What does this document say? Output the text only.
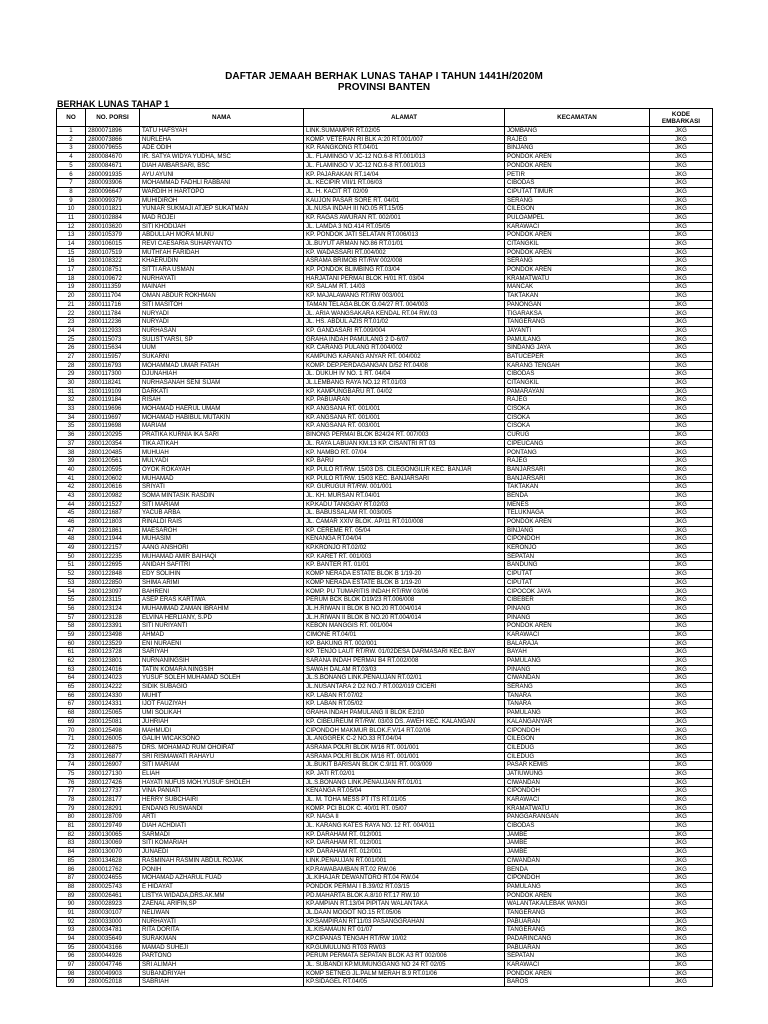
DAFTAR JEMAAH BERHAK LUNAS TAHAP I TAHUN 1441H/2020M
PROVINSI BANTEN
BERHAK LUNAS TAHAP 1
NO	NO. PORSI	NAMA	ALAMAT	KECAMATAN	KODE EMBARKASI
1	2800071896	TATU HAFSYAH	LINK.SUMAMPIR RT.02/05	JOMBANG	JKG
2	2800073866	NURLEHA	KOMP. VETERAN RI BLK A:20 RT.001/007	RAJEG	JKG
3	2800079655	ADE ODIH	KP. RANGKONG RT.04/01	BINJANG	JKG
4	2800084670	IR. SATYA WIDYA YUDHA, MSC	JL. FLAMINGO V JC-12 NO.6-8 RT.001/013	PONDOK AREN	JKG
5	2800084671	DIAH AMBARSARI, BSC	JL. FLAMINGO V JC-12 NO.6-8 RT.001/013	PONDOK AREN	JKG
6	2800091935	AYU AYUNI	KP. PAJARAKAN RT.14/04	PETIR	JKG
7	2800093906	MOHAMMAD FADHLI RABBANI	JL. KECIPIR VIII/1 RT.06/03	CIBODAS	JKG
8	2800096647	WARDIH H HARTOPO	JL. H. KACIT RT 02/09	CIPUTAT TIMUR	JKG
9	2800099379	MUHIDIROH	KAUJON PASAR SORE RT. 04/01	SERANG	JKG
10	2800101821	YUNIAR SUKMAJI ATJEP SUKATMAN	JL.NUSA INDAH III NO.05 RT.15/05	CILEGON	JKG
11	2800102884	MAD ROJEI	KP. RAGAS AWURAN RT. 002/001	PULOAMPEL	JKG
12	2800103620	SITI KHODIJAH	JL. LAMDA 3 NO.414 RT.05/05	KARAWACI	JKG
13	2800105379	ABDULLAH MORA MUNU	KP. PONDOK JATI SELATAN RT.006/013	PONDOK AREN	JKG
14	2800106015	REVI CAESARIA SUHARYANTO	JL.BUYUT ARMAN NO.86 RT.01/01	CITANGKIL	JKG
15	2800107519	MUTHI'AH FARIDAH	KP. WADASSARI RT.004/002	PONDOK AREN	JKG
16	2800108322	KHAERUDIN	ASRAMA BRIMOB RT/RW 002/008	SERANG	JKG
17	2800108751	SITTI ARA USMAN	KP. PONDOK BLIMBING RT.03/04	PONDOK AREN	JKG
18	2800109672	NURHAYATI	HARJATANI PERMAI BLOK H/01 RT. 03/04	KRAMATWATU	JKG
19	2800111359	MAINAH	KP. SALAM RT. 14/03	MANCAK	JKG
20	2800111704	OMAN ABDUR ROKHMAN	KP. MAJALAWANG RT/RW 003/001	TAKTAKAN	JKG
21	2800111716	SITI MASITOH	TAMAN TELAGA BLOK G.04/27 RT. 004/003	PANONGAN	JKG
22	2800111784	NURYADI	JL. ARIA WANGSAKARA KENDAL RT.04 RW.03	TIGARAKSA	JKG
23	2800112236	NURYADI	JL. HS. ABDUL AZIS RT.01/02	TANGERANG	JKG
24	2800112933	NURHASAN	KP. GANDASARI RT.009/004	JAYANTI	JKG
25	2800115073	SULISTYARSI, SP	GRAHA INDAH PAMULANG 2 D-6/07	PAMULANG	JKG
26	2800115634	UUM	KP. CARANG PULANG RT.004/002	SINDANG JAYA	JKG
27	2800115957	SUKARNI	KAMPUNG KARANG ANYAR RT. 004/002	BATUCEPER	JKG
28	2800116793	MOHAMMAD UMAR FATAH	KOMP. DEP.PERDAGANGAN D/52 RT.04/08	KARANG TENGAH	JKG
29	2800117300	DJUNAHIAH	JL. DUKUH IV NO. 1 RT. 04/04	CIBODAS	JKG
30	2800118241	NURHASANAH SENI SIJAM	JL.LEMBANG RAYA NO.12 RT.01/03	CITANGKIL	JKG
31	2800119109	DARKATI	KP. KAMPUNGBARU RT. 04/02	PAMARAYAN	JKG
32	2800119184	RISAH	KP. PABUARAN	RAJEG	JKG
33	2800119696	MOHAMAD HAERUL UMAM	KP. ANGSANA RT. 001/001	CISOKA	JKG
34	2800119697	MOHAMAD HABIBUL MUTAKIN	KP. ANGSANA RT. 001/001	CISOKA	JKG
35	2800119698	MARIAM	KP. ANGSANA RT. 003/001	CISOKA	JKG
36	2800120295	PRATIKA KURNIA IKA SARI	BINONG PERMAI BLOK B24/24 RT. 007/003	CURUG	JKG
37	2800120354	TIKA ATIKAH	JL. RAYA LABUAN KM.13 KP. CISANTRI RT 03	CIPEUCANG	JKG
38	2800120485	MUHUAH	KP. NAMBO RT. 07/04	PONTANG	JKG
39	2800120561	MULYADI	KP. BARU	RAJEG	JKG
40	2800120595	OYOK ROKAYAH	KP. PULO RT/RW. 15/03 DS. CILEGONGILIR KEC. BANJAR	BANJARSARI	JKG
41	2800120602	MUHAMAD	KP. PULO RT/RW. 15/03 KEC. BANJARSARI	BANJARSARI	JKG
42	2800120616	SRIYATI	KP. GURUGUI RT/RW. 001/001	TAKTAKAN	JKG
43	2800120982	SOMA MINTASIK RASDIN	JL. KH. MURSAN RT.04/01	BENDA	JKG
44	2800121527	SITI MARIAM	KP.KADU TANGGAY RT.02/03	MENES	JKG
45	2800121687	YACUB ARBA	JL. BABUSSALAM RT. 003/005	TELUKNAGA	JKG
46	2800121803	RINALDI RAIS	JL. CAMAR XXIV BLOK. AP/11 RT.010/008	PONDOK AREN	JKG
47	2800121861	MAESAROH	KP. CEREME RT. 05/04	BINJANG	JKG
48	2800121944	MUHASIM	KENANGA RT.04/04	CIPONDOH	JKG
49	2800122157	AANG ANSHORI	KP.KRONJO RT.02/02	KERONJO	JKG
50	2800122235	MUHAMAD AMIR BAIHAQI	KP. KARET RT. 001/003	SEPATAN	JKG
51	2800122695	ANIDAH SAFITRI	KP. BANTER RT. 01/01	BANDUNG	JKG
52	2800122848	EDY SOLIHIN	KOMP NERADA ESTATE BLOK B 1/19-20	CIPUTAT	JKG
53	2800122850	SHIMA ARIMI	KOMP NERADA ESTATE BLOK B 1/19-20	CIPUTAT	JKG
54	2800123097	BAHRENI	KOMP. PU TUMARITIS INDAH RT/RW 03/06	CIPOCOK JAYA	JKG
55	2800123115	ASEP ERAS KARTIWA	PERUM BCK BLOK D19/23 RT.006/008	CIBEBER	JKG
56	2800123124	MUHAMMAD ZAMAN IBRAHIM	JL.H.RIWAN II BLOK B NO.20 RT.004/014	PINANG	JKG
57	2800123128	ELVINA HERLIANY, S.PD	JL.H.RIWAN II BLOK B NO.20 RT.004/014	PINANG	JKG
58	2800123391	SITI NURIYANTI	KEBON MANGGIS RT. 001/004	PONDOK AREN	JKG
59	2800123498	AHMAD	CIMONE RT.04/01	KARAWACI	JKG
60	2800123529	ENI NURAENI	KP. BAKUNG RT. 002/001	BALARAJA	JKG
61	2800123728	SARIYAH	KP. TENJO LAUT RT/RW. 01/02DESA DARMASARI KEC.BAY	BAYAH	JKG
62	2800123801	NURNANINGSIH	SARANA INDAH PERMAI B4 RT.002/008	PAMULANG	JKG
63	2800124016	TATIN KOMARA NINGSIH	SAWAH DALAM RT.03/03	PINANG	JKG
64	2800124023	YUSUF SOLEH MUHAMAD SOLEH	JL.S.BONANG LINK.PENAUJAN RT.02/01	CIWANDAN	JKG
65	2800124222	SIDIK SUBAGIO	JL.NUSANTARA 2 D2 NO.7 RT.002/019 CICERI	SERANG	JKG
66	2800124330	MUHIT	KP. LABAN RT.07/02	TANARA	JKG
67	2800124331	IJOT FAUZIYAH	KP. LABAN RT.05/02	TANARA	JKG
68	2800125065	UMI SOLIKAH	GRAHA INDAH PAMULANG II BLOK E2/10	PAMULANG	JKG
69	2800125081	JUHRIAH	KP. CIBEUREUM RT/RW. 03/03 DS. AWEH KEC. KALANGAN	KALANGANYAR	JKG
70	2800125498	MAHMUDI	CIPONDOH MAKMUR BLOK.F.V/14 RT.02/06	CIPONDOH	JKG
71	2800126005	GALIH WICAKSONO	JL.ANGGREK C-2 NO.33 RT.04/04	CILEGON	JKG
72	2800126875	DRS. MOHAMAD RUM OHOIRAT	ASRAMA POLRI BLOK M/16 RT. 001/001	CILEDUG	JKG
73	2800126877	SRI RISMAWATI RAHAYU	ASRAMA POLRI BLOK M/16 RT. 001/001	CILEDUG	JKG
74	2800126907	SITI MARIAM	JL.BUKIT BARISAN BLOK C.9/11 RT. 003/009	PASAR KEMIS	JKG
75	2800127130	ELIAH	KP. JATI RT.02/01	JATIUWUNG	JKG
76	2800127426	HAYATI NUFUS MOH.YUSUF SHOLEH	JL.S.BONANG LINK.PENAUJAN RT.01/01	CIWANDAN	JKG
77	2800127737	VINA PANIATI	KENANGA RT.05/04	CIPONDOH	JKG
78	2800128177	HERRY SUBCHAIRI	JL. M. TOHA MESS PT ITS RT.01/05	KARAWACI	JKG
79	2800128291	ENDANG RUSWANDI	KOMP. PCI BLOK C. 40/01 RT. 05/07	KRAMATWATU	JKG
80	2800128709	ARTI	KP. NAGA II	PANGGARANGAN	JKG
81	2800129749	DIAH ACHDIATI	JL. KARANG KATES RAYA NO. 12 RT. 004/011	CIBODAS	JKG
82	2800130065	SARMADI	KP. DARAHAM RT. 012/001	JAMBE	JKG
83	2800130069	SITI KOMARIAH	KP. DARAHAM RT. 012/001	JAMBE	JKG
84	2800130070	JUNAEDI	KP. DARAHAM RT. 012/001	JAMBE	JKG
85	2800134628	RASMINAH RASMIN ABDUL ROJAK	LINK.PENAUJAN RT.001/001	CIWANDAN	JKG
86	2800012762	PONIH	KP.RAWABAMBAN RT.02 RW.06	BENDA	JKG
87	2800024655	MOHAMAD AZHARUL FUAD	JL.KIHAJAR DEWANTORO RT.04 RW.04	CIPONDOH	JKG
88	2800025743	E HIDAYAT	PONDOK PERMAI I B.39/02 RT.03/15	PAMULANG	JKG
89	2800026461	LISTYA WIDADA,DRS.AK.MM	PD.MAHARTA BLOK A.8/10 RT.17 RW.10	PONDOK AREN	JKG
90	2800028923	ZAENAL ARIFIN,SP	KP.AMPIAN RT.13/04 PIPITAN WALANTAKA	WALANTAKA/LEBAK WANGI	JKG
91	2800030107	NELIWAN	JL.DAAN MOGOT NO.15 RT.05/06	TANGERANG	JKG
92	2800033000	NURHAYATI	KP.SAMPIRAN RT11/03 PASANGGRAHAN	PABUARAN	JKG
93	2800034781	RITA DORITA	JL.KISAMAUN RT 01/07	TANGERANG	JKG
94	2800035649	SURAKMAN	KP.CIPANAS TENGAH RT/RW 10/02	PADARINCANG	JKG
95	2800043166	MAMAD SUHEJI	KP.GUMULUNG RT03 RW03	PABUARAN	JKG
96	2800044926	PARTONO	PERUM PERMATA SEPATAN BLOK A3 RT 002/006	SEPATAN	JKG
97	2800047746	SRI ALIMAH	JL. SUBANDI KP.MUMUNGGANG NO 24 RT 02/05	KARAWACI	JKG
98	2800049903	SUBANDRIYAH	KOMP SETNEG JL.PALM MERAH B.9 RT.01/06	PONDOK AREN	JKG
99	2800052018	SABRIAH	KP.SIDAGEL RT.04/05	BAROS	JKG
